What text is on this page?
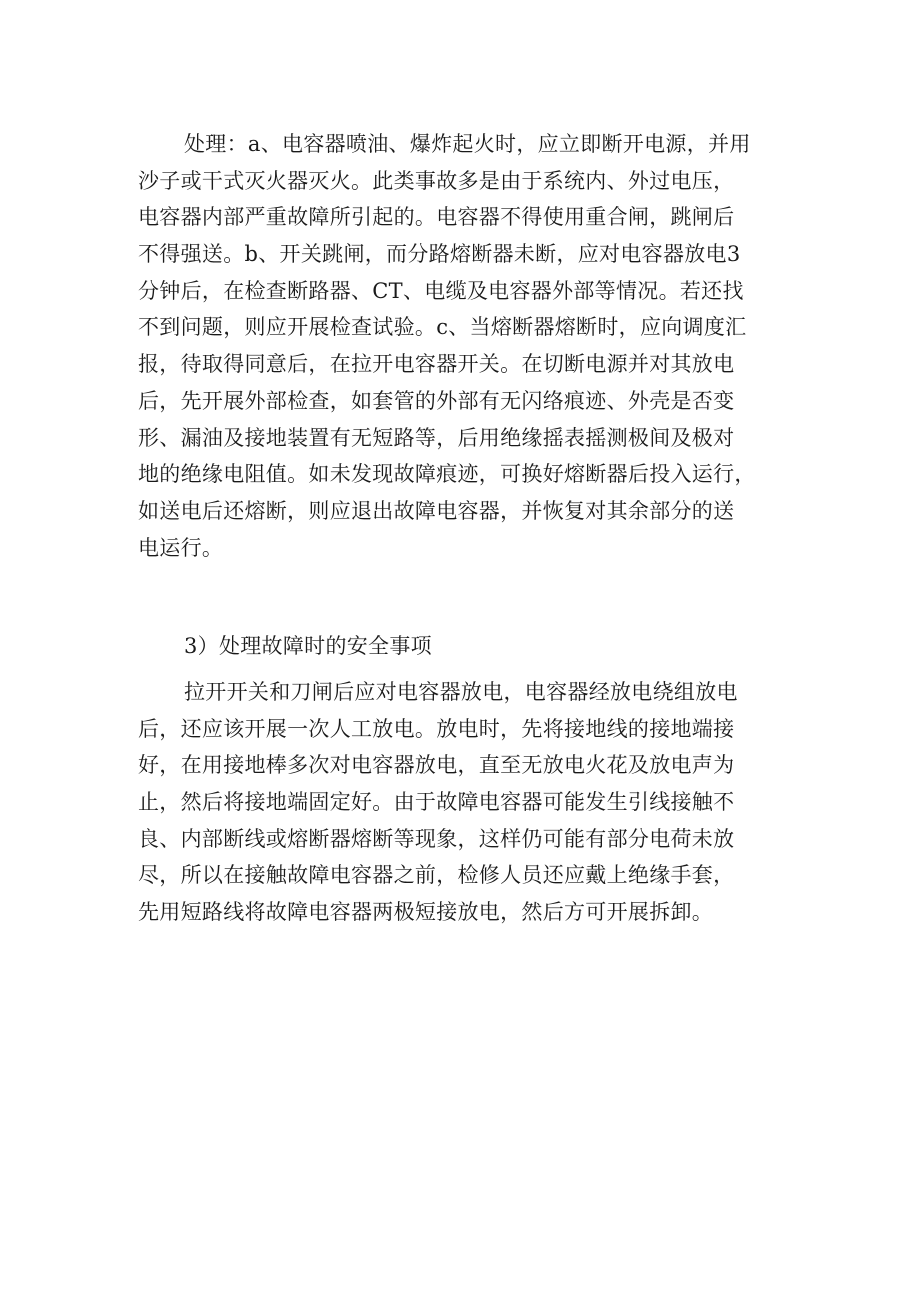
处理：a、电容器喷油、爆炸起火时，应立即断开电源，并用
沙子或干式灭火器灭火。此类事故多是由于系统内、外过电压，
电容器内部严重故障所引起的。电容器不得使用重合闸，跳闸后
不得强送。b、开关跳闸，而分路熔断器未断，应对电容器放电3
分钟后，在检查断路器、CT、电缆及电容器外部等情况。若还找
不到问题，则应开展检查试验。c、当熔断器熔断时，应向调度汇
报，待取得同意后，在拉开电容器开关。在切断电源并对其放电
后，先开展外部检查，如套管的外部有无闪络痕迹、外壳是否变
形、漏油及接地装置有无短路等，后用绝缘摇表摇测极间及极对
地的绝缘电阻值。如未发现故障痕迹，可换好熔断器后投入运行，
如送电后还熔断，则应退出故障电容器，并恢复对其余部分的送
电运行。
3）处理故障时的安全事项
拉开开关和刀闸后应对电容器放电，电容器经放电绕组放电
后，还应该开展一次人工放电。放电时，先将接地线的接地端接
好，在用接地棒多次对电容器放电，直至无放电火花及放电声为
止，然后将接地端固定好。由于故障电容器可能发生引线接触不
良、内部断线或熔断器熔断等现象，这样仍可能有部分电荷未放
尽，所以在接触故障电容器之前，检修人员还应戴上绝缘手套，
先用短路线将故障电容器两极短接放电，然后方可开展拆卸。
